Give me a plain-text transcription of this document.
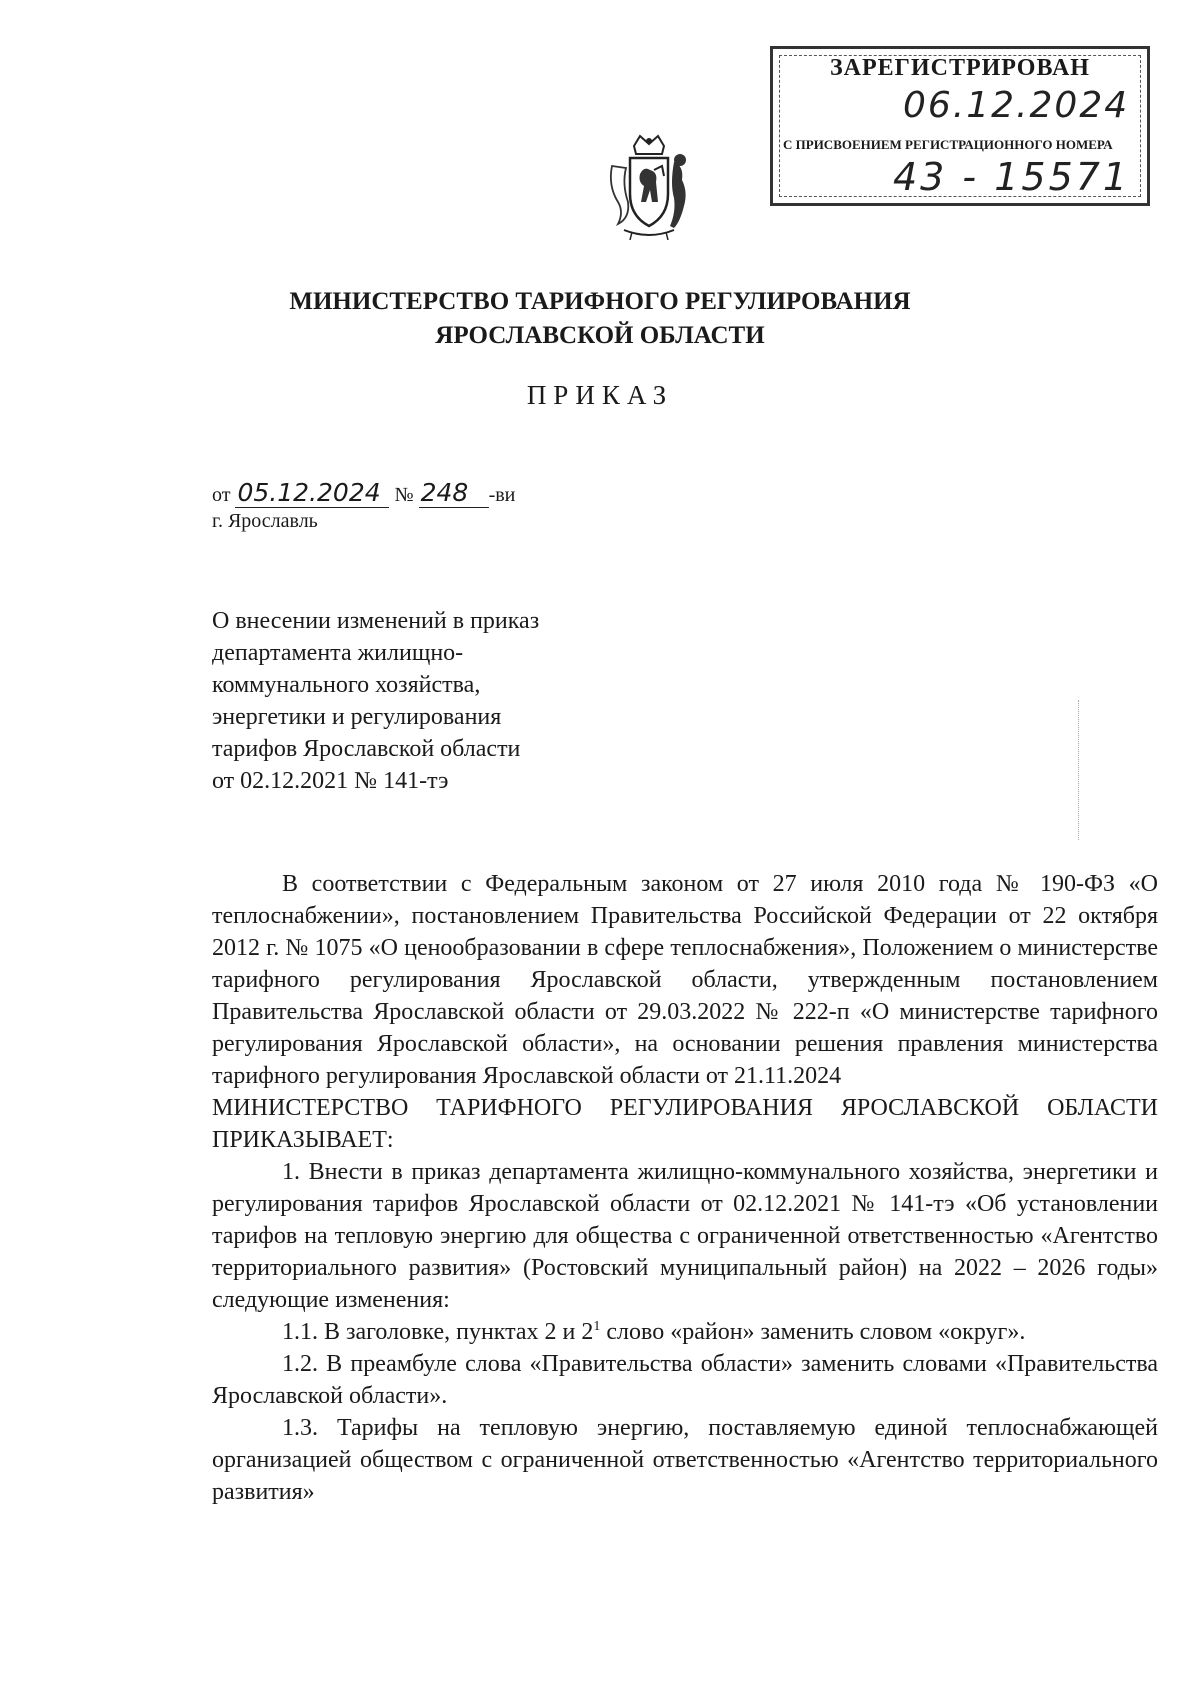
ЗАРЕГИСТРИРОВАН
06.12.2024
С ПРИСВОЕНИЕМ РЕГИСТРАЦИОННОГО НОМЕРА
43 - 15571
МИНИСТЕРСТВО ТАРИФНОГО РЕГУЛИРОВАНИЯ
ЯРОСЛАВСКОЙ ОБЛАСТИ
ПРИКАЗ
от 05.12.2024 № 248 -ви
г. Ярославль
О внесении изменений в приказ
департамента жилищно-
коммунального хозяйства,
энергетики и регулирования
тарифов Ярославской области
от 02.12.2021 № 141-тэ

В соответствии с Федеральным законом от 27 июля 2010 года № 190-ФЗ «О теплоснабжении», постановлением Правительства Российской Федерации от 22 октября 2012 г. № 1075 «О ценообразовании в сфере теплоснабжения», Положением о министерстве тарифного регулирования Ярославской области, утвержденным постановлением Правительства Ярославской области от 29.03.2022 № 222-п «О министерстве тарифного регулирования Ярославской области», на основании решения правления министерства тарифного регулирования Ярославской области от 21.11.2024

МИНИСТЕРСТВО ТАРИФНОГО РЕГУЛИРОВАНИЯ ЯРОСЛАВСКОЙ ОБЛАСТИ ПРИКАЗЫВАЕТ:

1. Внести в приказ департамента жилищно-коммунального хозяйства, энергетики и регулирования тарифов Ярославской области от 02.12.2021 № 141-тэ «Об установлении тарифов на тепловую энергию для общества с ограниченной ответственностью «Агентство территориального развития» (Ростовский муниципальный район) на 2022 – 2026 годы» следующие изменения:

1.1. В заголовке, пунктах 2 и $2^1$ слово «район» заменить словом «округ».

1.2. В преамбуле слова «Правительства области» заменить словами «Правительства Ярославской области».

1.3. Тарифы на тепловую энергию, поставляемую единой теплоснабжающей организацией обществом с ограниченной ответственностью «Агентство территориального развития»
